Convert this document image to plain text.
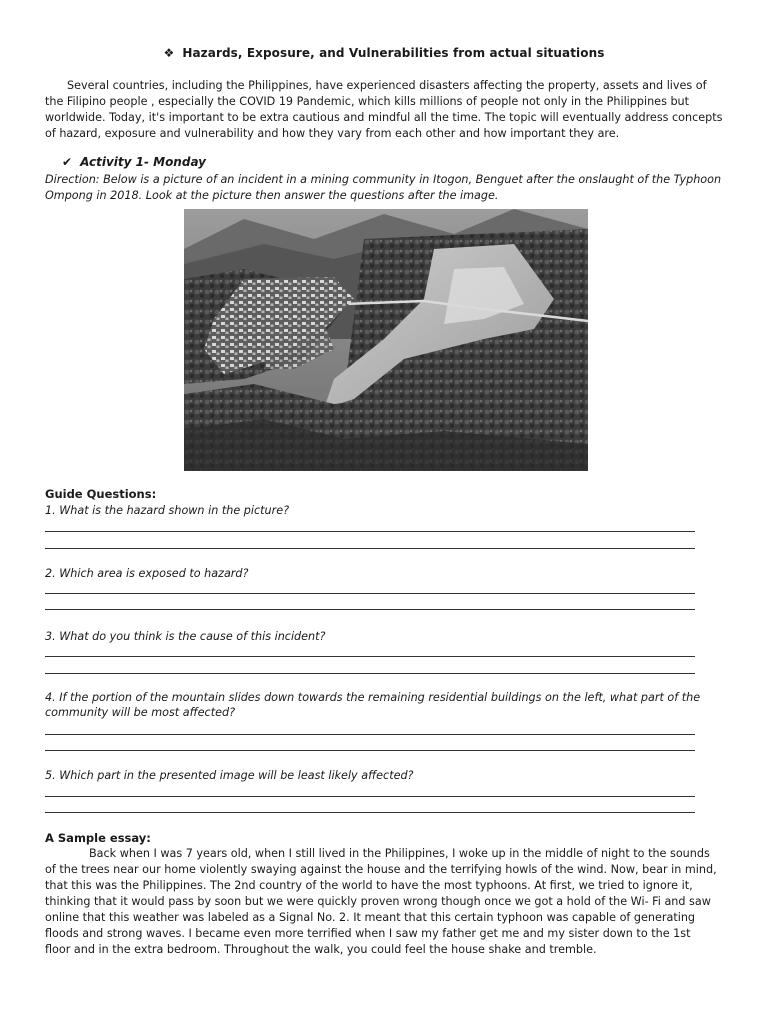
❖ Hazards, Exposure, and Vulnerabilities from actual situations

Several countries, including the Philippines, have experienced disasters affecting the property, assets and lives of the Filipino people , especially the COVID 19 Pandemic, which kills millions of people not only in the Philippines but worldwide. Today, it's important to be extra cautious and mindful all the time. The topic will eventually address concepts of hazard, exposure and vulnerability and how they vary from each other and how important they are.

✔ Activity 1- Monday

Direction: Below is a picture of an incident in a mining community in Itogon, Benguet after the onslaught of the Typhoon Ompong in 2018. Look at the picture then answer the questions after the image.

Guide Questions:

1. What is the hazard shown in the picture?

2. Which area is exposed to hazard?

3. What do you think is the cause of this incident?

4. If the portion of the mountain slides down towards the remaining residential buildings on the left, what part of the community will be most affected?

5. Which part in the presented image will be least likely affected?

A Sample essay:

Back when I was 7 years old, when I still lived in the Philippines, I woke up in the middle of night to the sounds of the trees near our home violently swaying against the house and the terrifying howls of the wind. Now, bear in mind, that this was the Philippines. The 2nd country of the world to have the most typhoons. At first, we tried to ignore it, thinking that it would pass by soon but we were quickly proven wrong though once we got a hold of the Wi- Fi and saw online that this weather was labeled as a Signal No. 2. It meant that this certain typhoon was capable of generating floods and strong waves. I became even more terrified when I saw my father get me and my sister down to the 1st floor and in the extra bedroom. Throughout the walk, you could feel the house shake and tremble.
